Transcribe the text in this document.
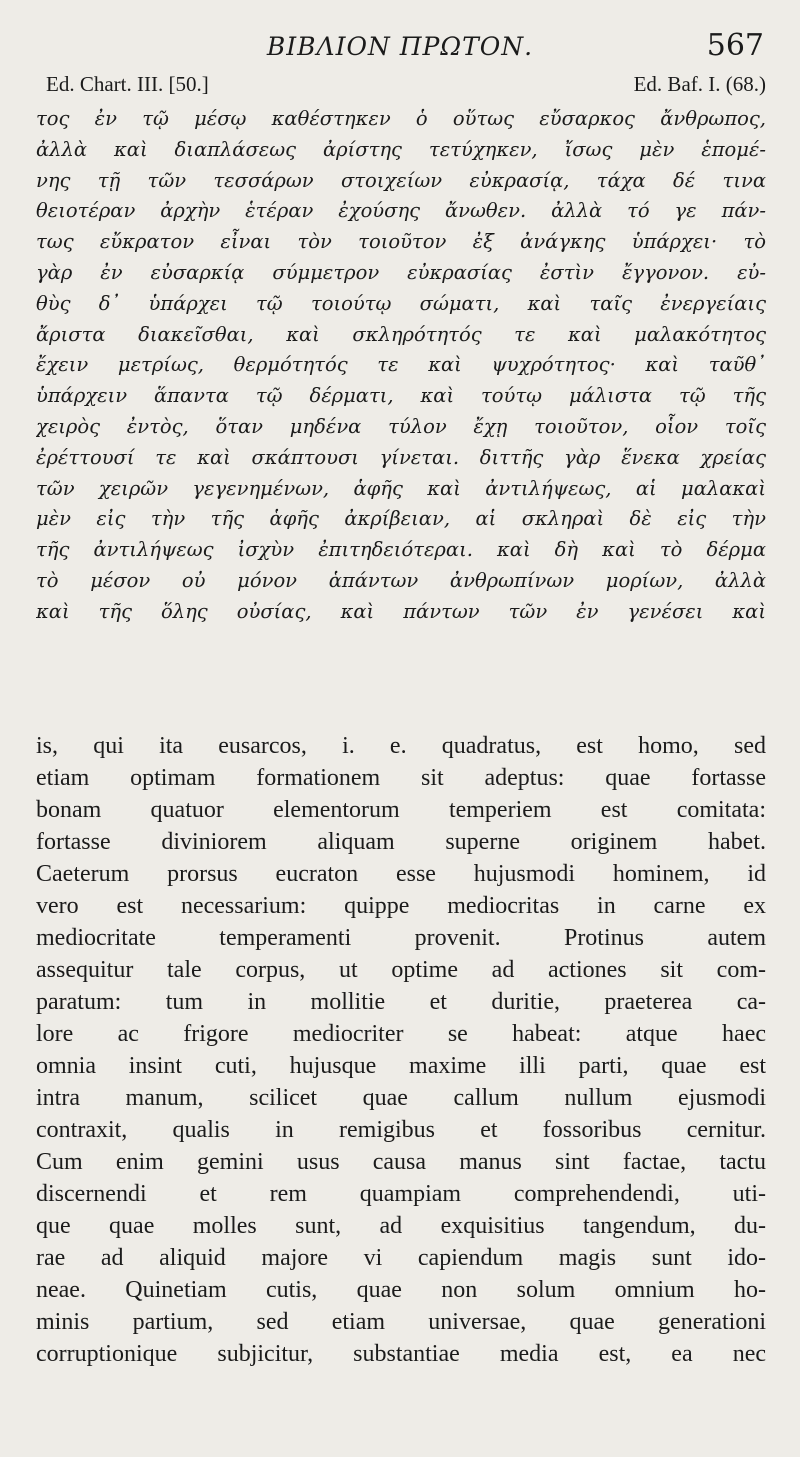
ΒΙΒΛΙΟΝ ΠΡΩΤΟΝ.	567
Ed. Chart. III. [50.]	Ed. Baf. I. (68.)
τος ἐν τῷ μέσῳ καθέστηκεν ὁ οὕτως εὔσαρκος ἄνθρωπος,
ἀλλὰ καὶ διαπλάσεως ἀρίστης τετύχηκεν, ἴσως μὲν ἑπομέ-
νης τῇ τῶν τεσσάρων στοιχείων εὐκρασίᾳ, τάχα δέ τινα
θειοτέραν ἀρχὴν ἑτέραν ἐχούσης ἄνωθεν. ἀλλὰ τό γε πάν-
τως εὔκρατον εἶναι τὸν τοιοῦτον ἐξ ἀνάγκης ὑπάρχει· τὸ
γὰρ ἐν εὐσαρκίᾳ σύμμετρον εὐκρασίας ἐστὶν ἔγγονον. εὐ-
θὺς δ᾽ ὑπάρχει τῷ τοιούτῳ σώματι, καὶ ταῖς ἐνεργείαις
ἄριστα διακεῖσθαι, καὶ σκληρότητός τε καὶ μαλακότητος
ἔχειν μετρίως, θερμότητός τε καὶ ψυχρότητος· καὶ ταῦθ᾽
ὑπάρχειν ἅπαντα τῷ δέρματι, καὶ τούτῳ μάλιστα τῷ τῆς
χειρὸς ἐντὸς, ὅταν μηδένα τύλον ἔχῃ τοιοῦτον, οἷον τοῖς
ἐρέττουσί τε καὶ σκάπτουσι γίνεται. διττῆς γὰρ ἕνεκα χρείας
τῶν χειρῶν γεγενημένων, ἁφῆς καὶ ἀντιλήψεως, αἱ μαλακαὶ
μὲν εἰς τὴν τῆς ἁφῆς ἀκρίβειαν, αἱ σκληραὶ δὲ εἰς τὴν
τῆς ἀντιλήψεως ἰσχὺν ἐπιτηδειότεραι. καὶ δὴ καὶ τὸ δέρμα
τὸ μέσον οὐ μόνον ἁπάντων ἀνθρωπίνων μορίων, ἀλλὰ
καὶ τῆς ὅλης οὐσίας, καὶ πάντων τῶν ἐν γενέσει καὶ
is, qui ita eusarcos, i. e. quadratus, est homo, sed
etiam optimam formationem sit adeptus: quae fortasse
bonam quatuor elementorum temperiem est comitata:
fortasse diviniorem aliquam superne originem habet.
Caeterum prorsus eucraton esse hujusmodi hominem, id
vero est necessarium: quippe mediocritas in carne ex
mediocritate temperamenti provenit. Protinus autem
assequitur tale corpus, ut optime ad actiones sit com-
paratum: tum in mollitie et duritie, praeterea ca-
lore ac frigore mediocriter se habeat: atque haec
omnia insint cuti, hujusque maxime illi parti, quae est
intra manum, scilicet quae callum nullum ejusmodi
contraxit, qualis in remigibus et fossoribus cernitur.
Cum enim gemini usus causa manus sint factae, tactu
discernendi et rem quampiam comprehendendi, uti-
que quae molles sunt, ad exquisitius tangendum, du-
rae ad aliquid majore vi capiendum magis sunt ido-
neae. Quinetiam cutis, quae non solum omnium ho-
minis partium, sed etiam universae, quae generationi
corruptionique subjicitur, substantiae media est, ea nec
